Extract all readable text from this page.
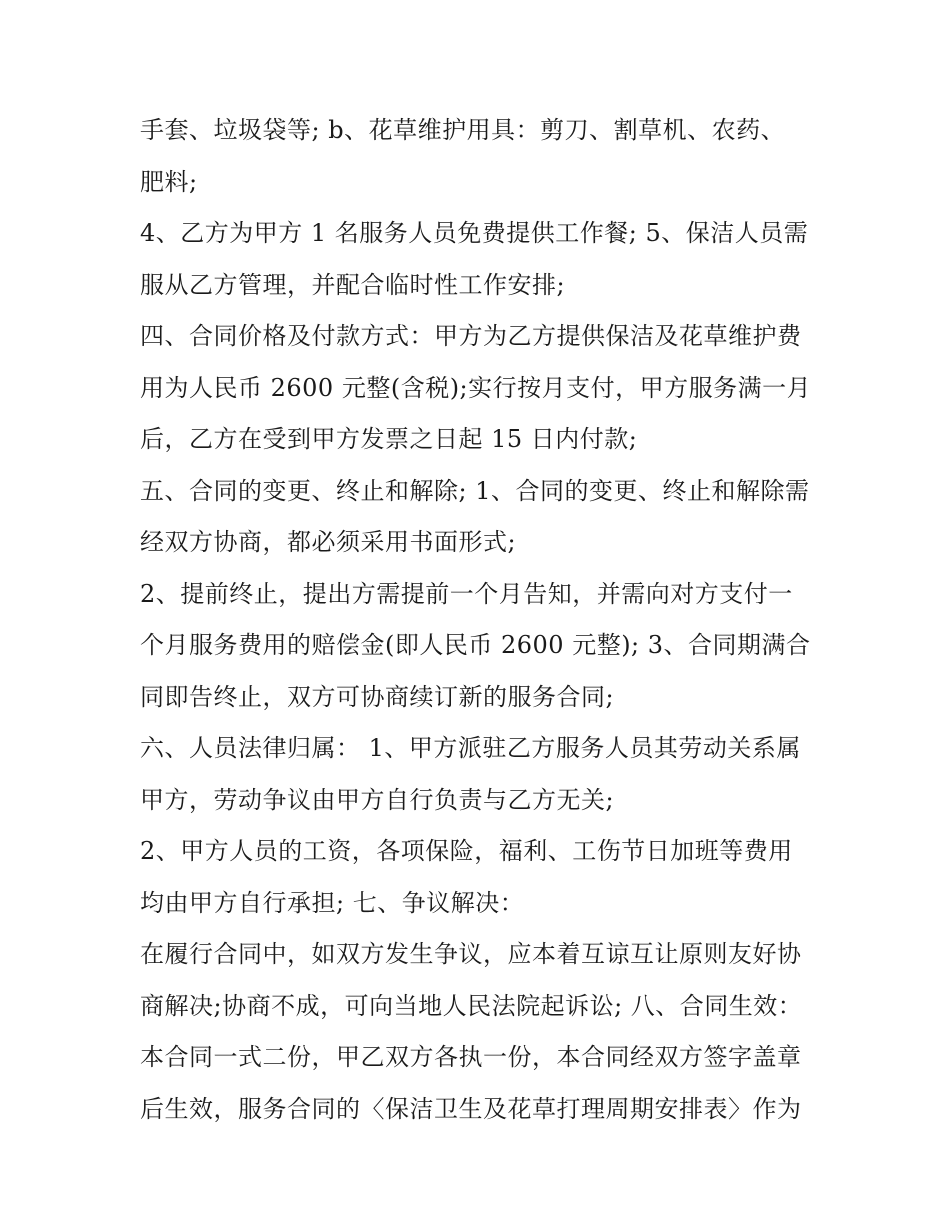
手套、垃圾袋等; b、花草维护用具：剪刀、割草机、农药、
肥料;
4、乙方为甲方 1 名服务人员免费提供工作餐; 5、保洁人员需
服从乙方管理，并配合临时性工作安排;
四、合同价格及付款方式：甲方为乙方提供保洁及花草维护费
用为人民币 2600 元整(含税);实行按月支付，甲方服务满一月
后，乙方在受到甲方发票之日起 15 日内付款;
五、合同的变更、终止和解除; 1、合同的变更、终止和解除需
经双方协商，都必须采用书面形式;
2、提前终止，提出方需提前一个月告知，并需向对方支付一
个月服务费用的赔偿金(即人民币 2600 元整); 3、合同期满合
同即告终止，双方可协商续订新的服务合同;
六、人员法律归属： 1、甲方派驻乙方服务人员其劳动关系属
甲方，劳动争议由甲方自行负责与乙方无关;
2、甲方人员的工资，各项保险，福利、工伤节日加班等费用
均由甲方自行承担; 七、争议解决：
在履行合同中，如双方发生争议，应本着互谅互让原则友好协
商解决;协商不成，可向当地人民法院起诉讼; 八、合同生效：
本合同一式二份，甲乙双方各执一份，本合同经双方签字盖章
后生效，服务合同的〈保洁卫生及花草打理周期安排表〉作为
